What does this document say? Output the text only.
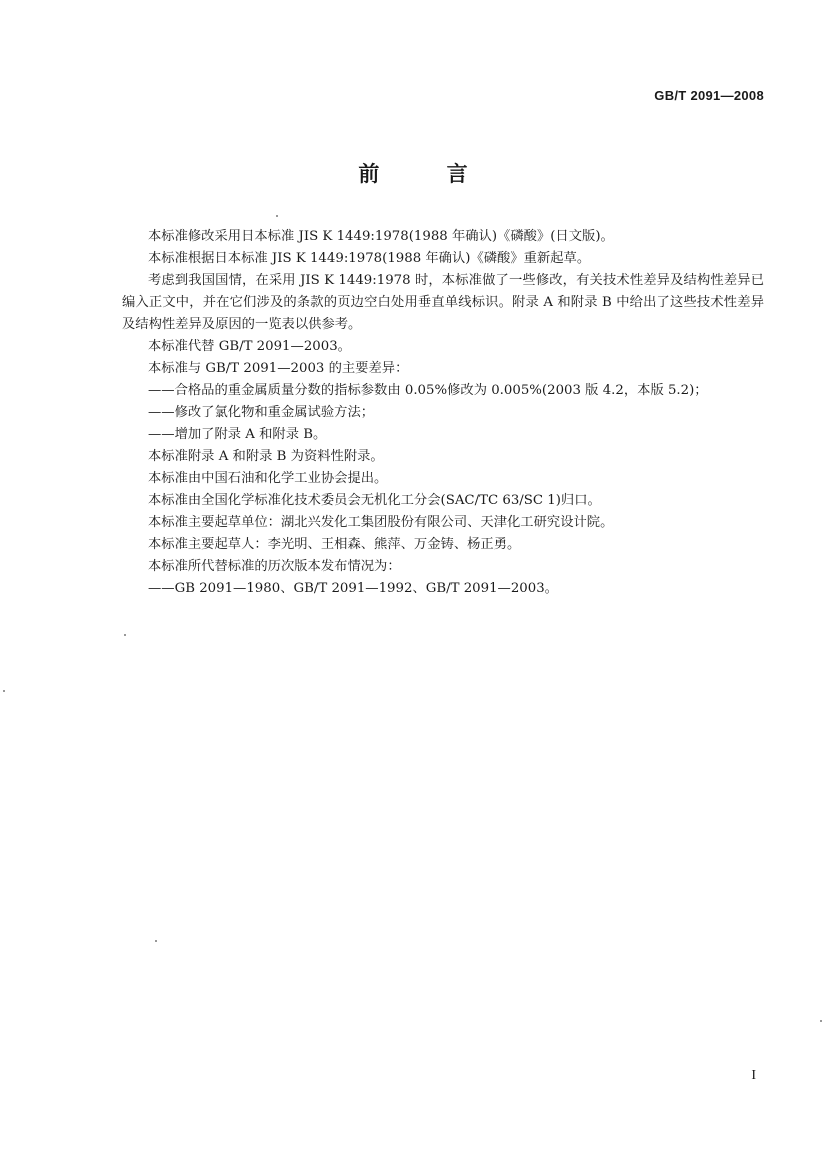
GB/T 2091—2008
前 言

本标准修改采用日本标准 JIS K 1449:1978(1988 年确认)《磷酸》(日文版)。

本标准根据日本标准 JIS K 1449:1978(1988 年确认)《磷酸》重新起草。

考虑到我国国情，在采用 JIS K 1449:1978 时，本标准做了一些修改，有关技术性差异及结构性差异已编入正文中，并在它们涉及的条款的页边空白处用垂直单线标识。附录 A 和附录 B 中给出了这些技术性差异及结构性差异及原因的一览表以供参考。

本标准代替 GB/T 2091—2003。

本标准与 GB/T 2091—2003 的主要差异：

——合格品的重金属质量分数的指标参数由 0.05%修改为 0.005%(2003 版 4.2，本版 5.2)；

——修改了氯化物和重金属试验方法；

——增加了附录 A 和附录 B。

本标准附录 A 和附录 B 为资料性附录。

本标准由中国石油和化学工业协会提出。

本标准由全国化学标准化技术委员会无机化工分会(SAC/TC 63/SC 1)归口。

本标准主要起草单位：湖北兴发化工集团股份有限公司、天津化工研究设计院。

本标准主要起草人：李光明、王相森、熊萍、万金铸、杨正勇。

本标准所代替标准的历次版本发布情况为：

——GB 2091—1980、GB/T 2091—1992、GB/T 2091—2003。

I
